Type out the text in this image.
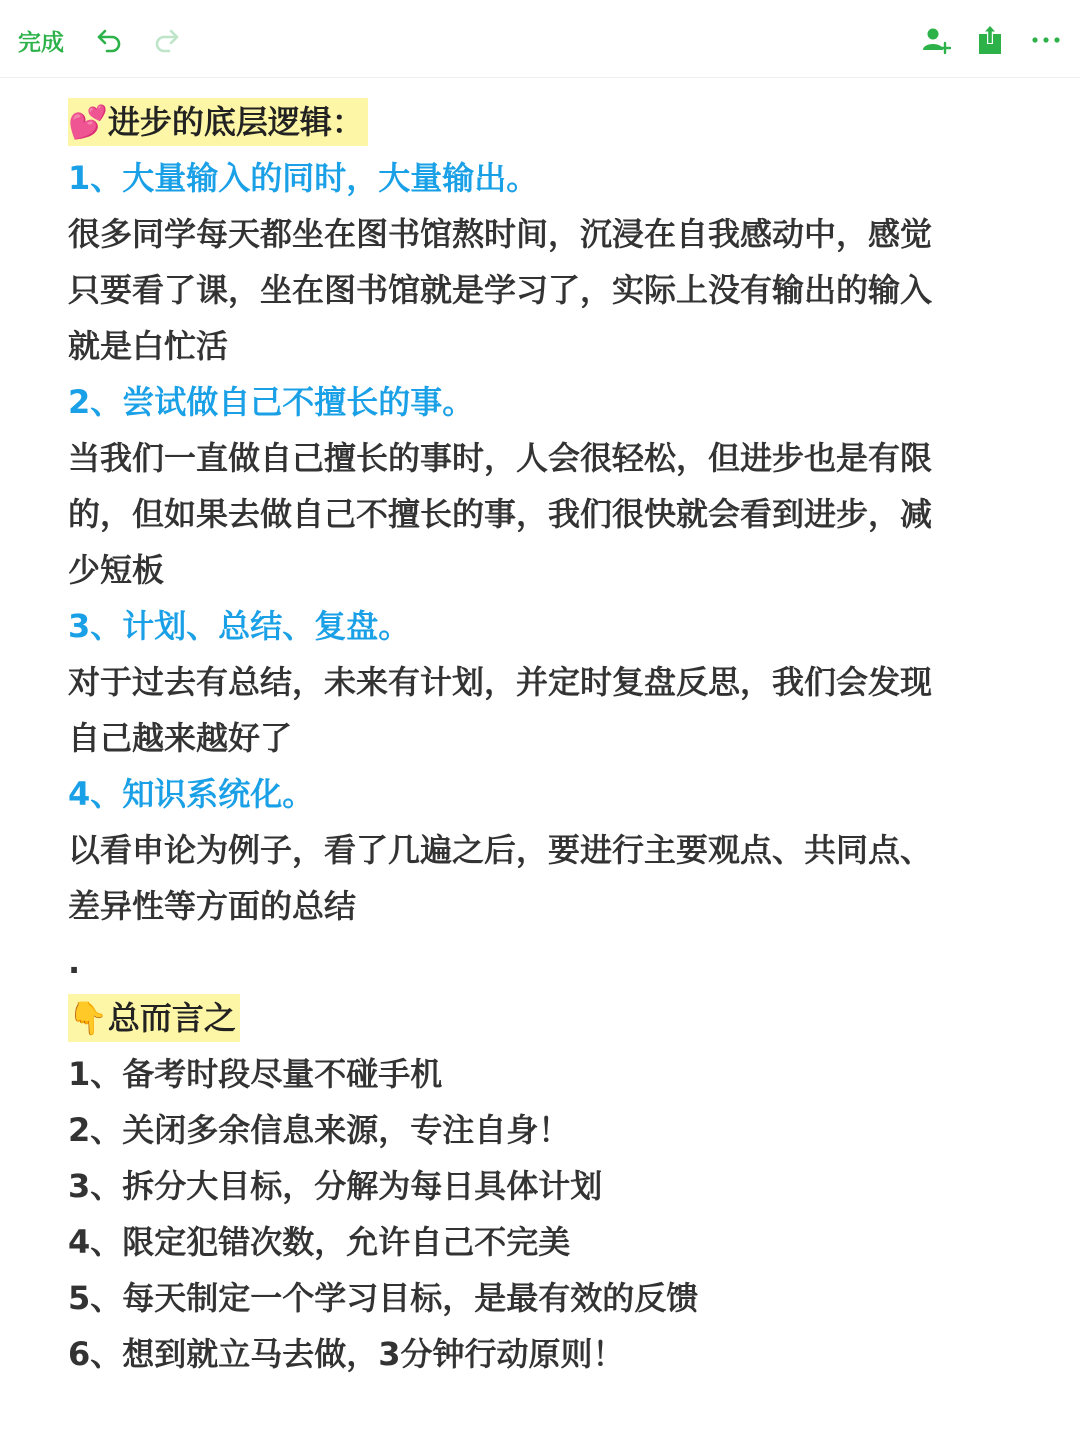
完成
💕进步的底层逻辑：
1、大量输入的同时，大量输出。
很多同学每天都坐在图书馆熬时间，沉浸在自我感动中，感觉
只要看了课，坐在图书馆就是学习了，实际上没有输出的输入
就是白忙活
2、尝试做自己不擅长的事。
当我们一直做自己擅长的事时，人会很轻松，但进步也是有限
的，但如果去做自己不擅长的事，我们很快就会看到进步，减
少短板
3、计划、总结、复盘。
对于过去有总结，未来有计划，并定时复盘反思，我们会发现
自己越来越好了
4、知识系统化。
以看申论为例子，看了几遍之后，要进行主要观点、共同点、
差异性等方面的总结
.
👇总而言之
1、备考时段尽量不碰手机
2、关闭多余信息来源，专注自身！
3、拆分大目标，分解为每日具体计划
4、限定犯错次数，允许自己不完美
5、每天制定一个学习目标，是最有效的反馈
6、想到就立马去做，3分钟行动原则！
